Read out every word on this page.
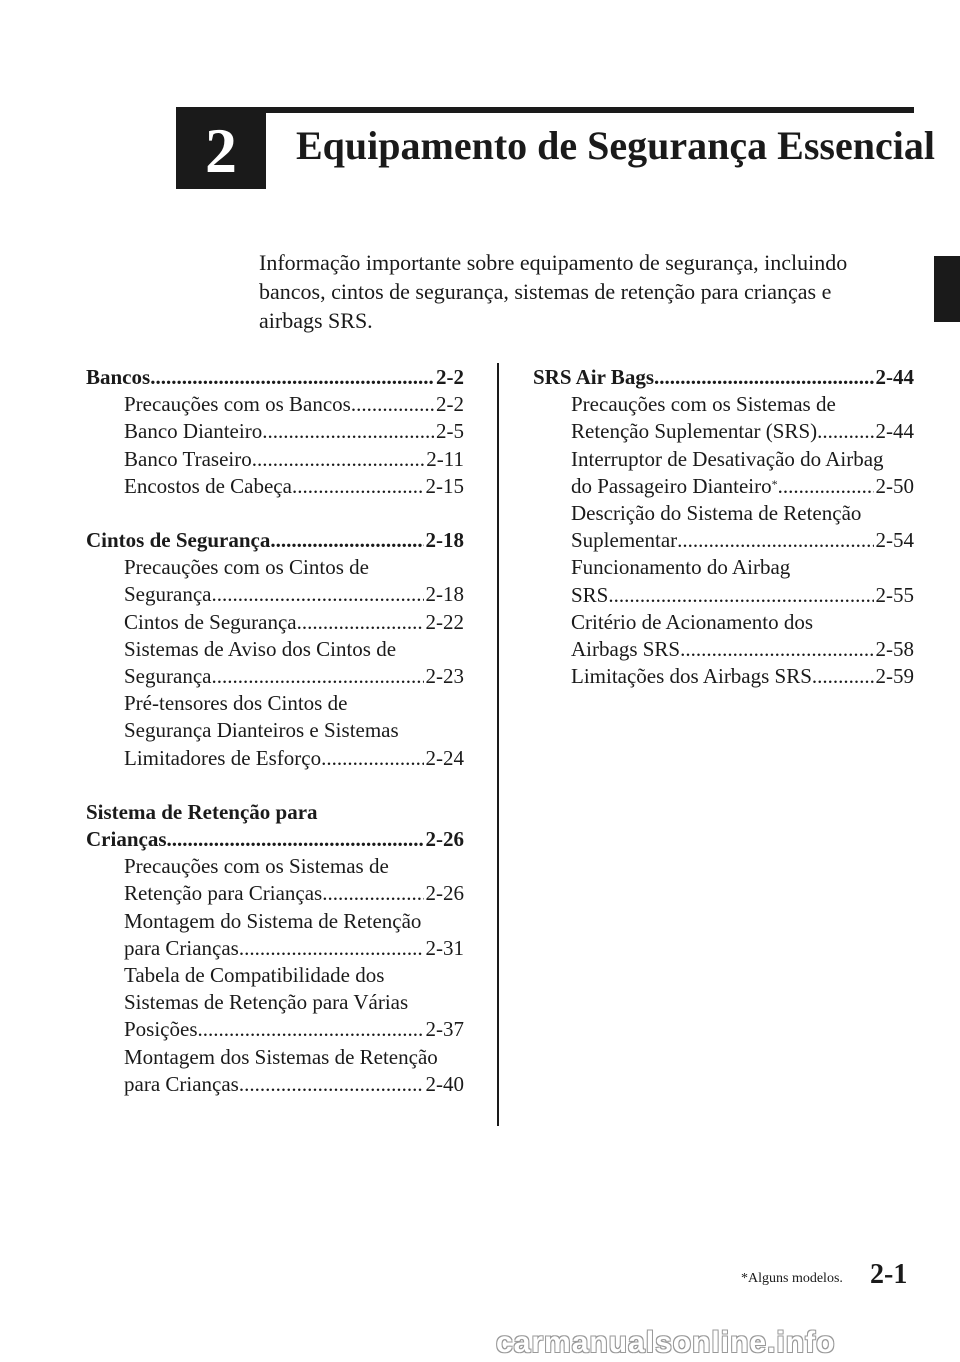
2	Equipamento de Segurança Essencial

Informação importante sobre equipamento de segurança, incluindo

bancos, cintos de segurança, sistemas de retenção para crianças e

airbags SRS.

Bancos .....	2-2
Precauções com os Bancos .....	2-2
Banco Dianteiro .....	2-5
Banco Traseiro .....	2-11
Encostos de Cabeça .....	2-15
Cintos de Segurança .....	2-18
Precauções com os Cintos de
Segurança .....	2-18
Cintos de Segurança .....	2-22
Sistemas de Aviso dos Cintos de
Segurança .....	2-23
Pré-tensores dos Cintos de
Segurança Dianteiros e Sistemas
Limitadores de Esforço .....	2-24
Sistema de Retenção para
Crianças .....	2-26
Precauções com os Sistemas de
Retenção para Crianças .....	2-26
Montagem do Sistema de Retenção
para Crianças .....	2-31
Tabela de Compatibilidade dos
Sistemas de Retenção para Várias
Posições .....	2-37
Montagem dos Sistemas de Retenção
para Crianças .....	2-40
SRS Air Bags .....	2-44
Precauções com os Sistemas de
Retenção Suplementar (SRS) .....	2-44
Interruptor de Desativação do Airbag
do Passageiro Dianteiro* .....	2-50
Descrição do Sistema de Retenção
Suplementar .....	2-54
Funcionamento do Airbag
SRS .....	2-55
Critério de Acionamento dos
Airbags SRS .....	2-58
Limitações dos Airbags SRS .....	2-59
*Alguns modelos. 2-1
carmanualsonline.info
